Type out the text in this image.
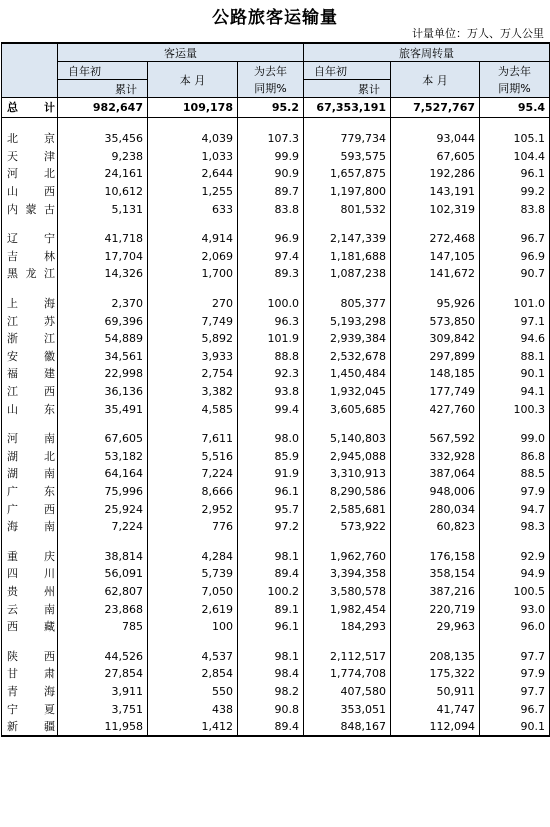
公路旅客运输量
计量单位：万人、万人公里
	客运量			旅客周转量		
	自年初	本 月	为去年	自年初	本 月	为去年
	累计		同期%	累计		同期%
总 计	982,647	109,178	95.2	67,353,191	7,527,767	95.4

北 京	35,456	4,039	107.3	779,734	93,044	105.1
天 津	9,238	1,033	99.9	593,575	67,605	104.4
河 北	24,161	2,644	90.9	1,657,875	192,286	96.1
山 西	10,612	1,255	89.7	1,197,800	143,191	99.2
内蒙古	5,131	633	83.8	801,532	102,319	83.8

辽 宁	41,718	4,914	96.9	2,147,339	272,468	96.7
吉 林	17,704	2,069	97.4	1,181,688	147,105	96.9
黑龙江	14,326	1,700	89.3	1,087,238	141,672	90.7

上 海	2,370	270	100.0	805,377	95,926	101.0
江 苏	69,396	7,749	96.3	5,193,298	573,850	97.1
浙 江	54,889	5,892	101.9	2,939,384	309,842	94.6
安 徽	34,561	3,933	88.8	2,532,678	297,899	88.1
福 建	22,998	2,754	92.3	1,450,484	148,185	90.1
江 西	36,136	3,382	93.8	1,932,045	177,749	94.1
山 东	35,491	4,585	99.4	3,605,685	427,760	100.3

河 南	67,605	7,611	98.0	5,140,803	567,592	99.0
湖 北	53,182	5,516	85.9	2,945,088	332,928	86.8
湖 南	64,164	7,224	91.9	3,310,913	387,064	88.5
广 东	75,996	8,666	96.1	8,290,586	948,006	97.9
广 西	25,924	2,952	95.7	2,585,681	280,034	94.7
海 南	7,224	776	97.2	573,922	60,823	98.3

重 庆	38,814	4,284	98.1	1,962,760	176,158	92.9
四 川	56,091	5,739	89.4	3,394,358	358,154	94.9
贵 州	62,807	7,050	100.2	3,580,578	387,216	100.5
云 南	23,868	2,619	89.1	1,982,454	220,719	93.0
西 藏	785	100	96.1	184,293	29,963	96.0

陕 西	44,526	4,537	98.1	2,112,517	208,135	97.7
甘 肃	27,854	2,854	98.4	1,774,708	175,322	97.9
青 海	3,911	550	98.2	407,580	50,911	97.7
宁 夏	3,751	438	90.8	353,051	41,747	96.7
新 疆	11,958	1,412	89.4	848,167	112,094	90.1
